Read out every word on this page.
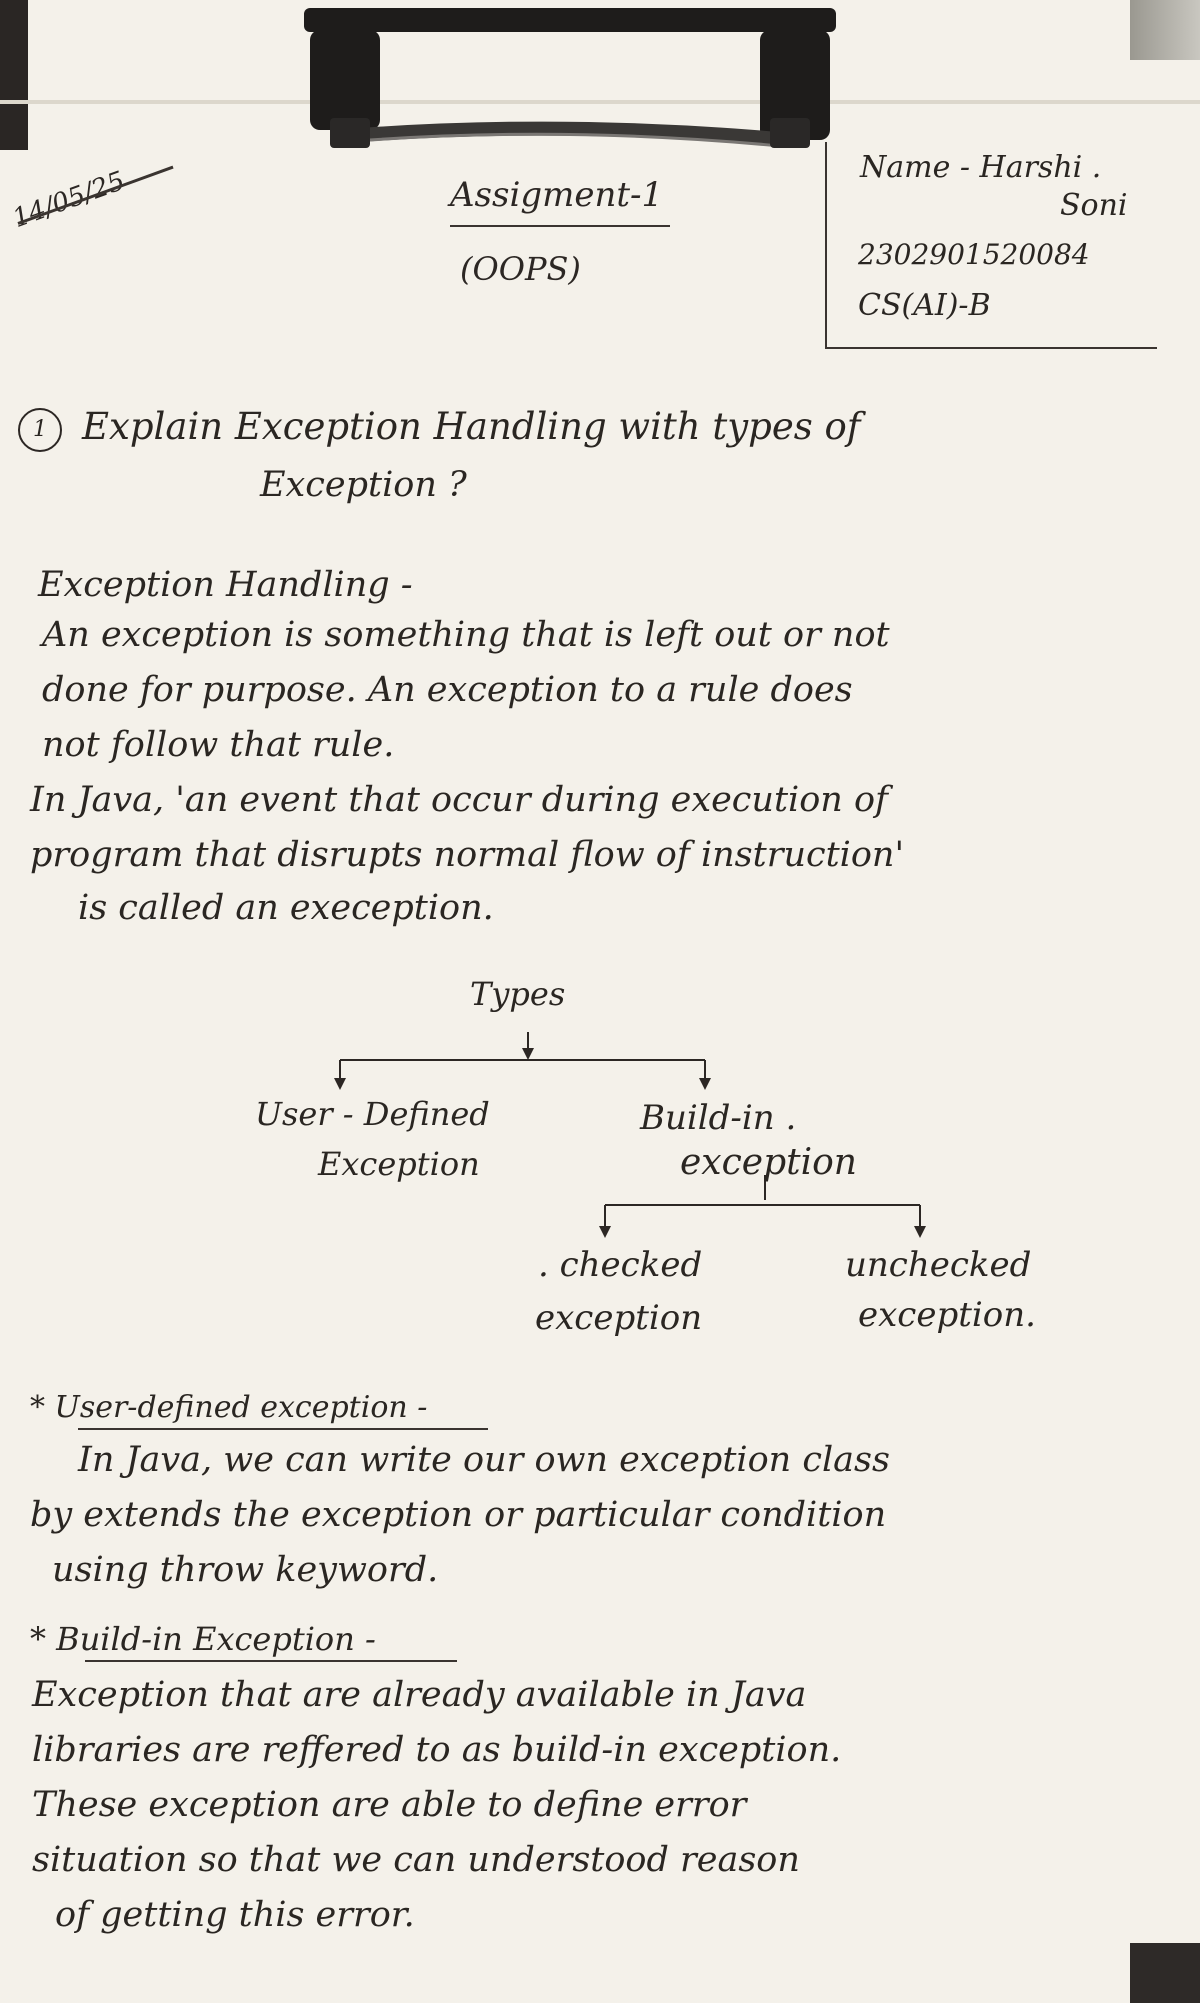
14/05/25	Assigment-1
(OOPS)
Name - Harshi .
Soni
2302901520084
CS(AI)-B
1 Explain Exception Handling with types of
Exception ?
Exception Handling -
An exception is something that is left out or not
done for purpose. An exception to a rule does
not follow that rule.
In Java, 'an event that occur during execution of
program that disrupts normal flow of instruction'
is called an exeception.
Types
User - Defined
Exception
Build-in .
exception
. checked
exception
unchecked
exception.
* User-defined exception -
In Java, we can write our own exception class
by extends the exception or particular condition
using throw keyword.
* Build-in Exception -
Exception that are already available in Java
libraries are reffered to as build-in exception.
These exception are able to define error
situation so that we can understood reason
of getting this error.
